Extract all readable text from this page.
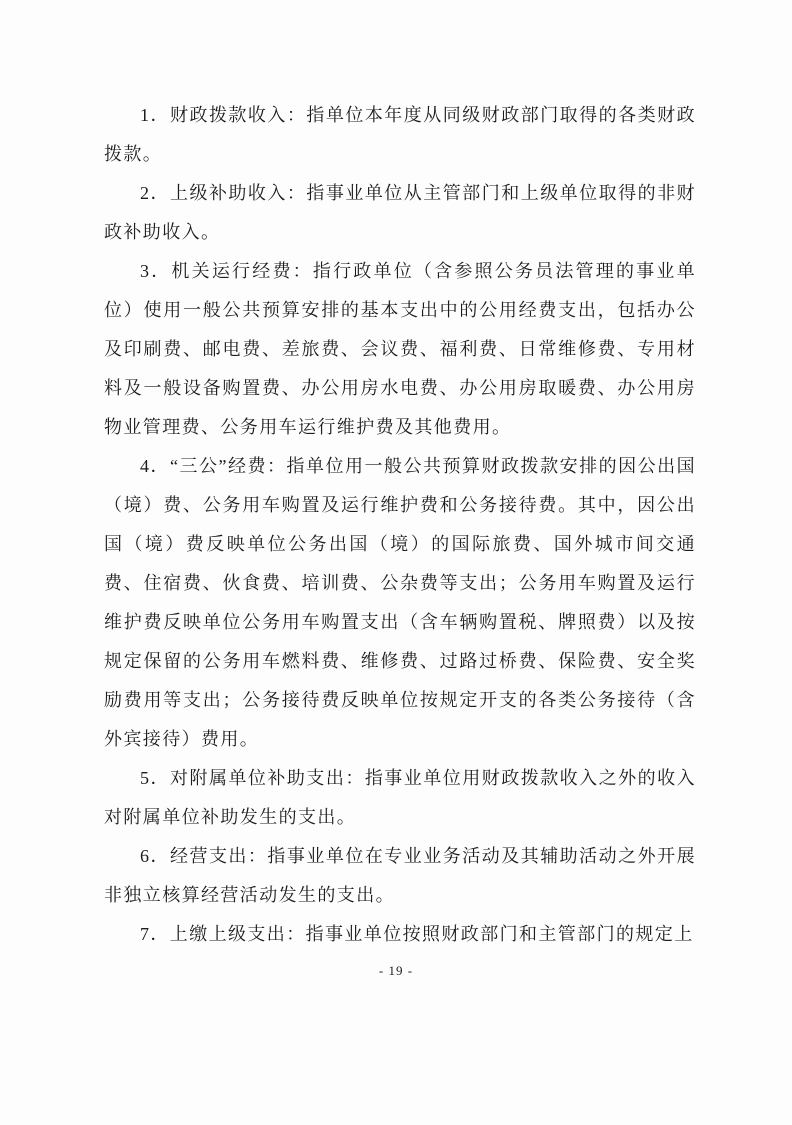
1．财政拨款收入：指单位本年度从同级财政部门取得的各类财政拨款。

2．上级补助收入：指事业单位从主管部门和上级单位取得的非财政补助收入。

3．机关运行经费：指行政单位（含参照公务员法管理的事业单位）使用一般公共预算安排的基本支出中的公用经费支出，包括办公及印刷费、邮电费、差旅费、会议费、福利费、日常维修费、专用材料及一般设备购置费、办公用房水电费、办公用房取暖费、办公用房物业管理费、公务用车运行维护费及其他费用。

4．“三公”经费：指单位用一般公共预算财政拨款安排的因公出国（境）费、公务用车购置及运行维护费和公务接待费。其中，因公出国（境）费反映单位公务出国（境）的国际旅费、国外城市间交通费、住宿费、伙食费、培训费、公杂费等支出；公务用车购置及运行维护费反映单位公务用车购置支出（含车辆购置税、牌照费）以及按规定保留的公务用车燃料费、维修费、过路过桥费、保险费、安全奖励费用等支出；公务接待费反映单位按规定开支的各类公务接待（含外宾接待）费用。

5．对附属单位补助支出：指事业单位用财政拨款收入之外的收入对附属单位补助发生的支出。

6．经营支出：指事业单位在专业业务活动及其辅助活动之外开展非独立核算经营活动发生的支出。

7．上缴上级支出：指事业单位按照财政部门和主管部门的规定上

- 19 -
